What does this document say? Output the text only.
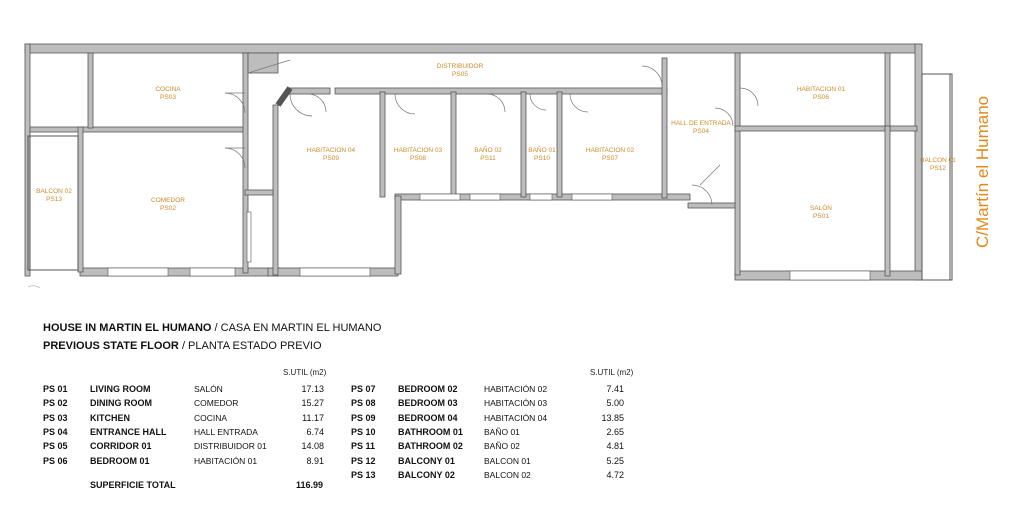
COCINA PS03
COMEDOR PS02
BALCON 02 PS13
DISTRIBUIDOR PS05
HABITACION 04 PS09
HABITACION 03 PS08
BAÑO 02 PS11
BAÑO 01 PS10
HABITACION 02 PS07
HALL DE ENTRADA PS04
HABITACION 01 PS06
SALÓN PS01
BALCON 01 PS12	C/Martín el Humano
HOUSE IN MARTIN EL HUMANO / CASA EN MARTIN EL HUMANO
PREVIOUS STATE FLOOR / PLANTA ESTADO PREVIO
S.UTIL (m2)	S.UTIL (m2)
PS 01	LIVING ROOM	SALÓN	17.13
PS 02	DINING ROOM	COMEDOR	15.27
PS 03	KITCHEN	COCINA	11.17
PS 04	ENTRANCE HALL	HALL ENTRADA	6.74
PS 05	CORRIDOR 01	DISTRIBUIDOR 01	14.08
PS 06	BEDROOM 01	HABITACIÓN 01	8.91
PS 07	BEDROOM 02	HABITACIÓN 02	7.41
PS 08	BEDROOM 03	HABITACIÓN 03	5.00
PS 09	BEDROOM 04	HABITACIÓN 04	13.85
PS 10	BATHROOM 01	BAÑO 01	2.65
PS 11	BATHROOM 02	BAÑO 02	4.81
PS 12	BALCONY 01	BALCON 01	5.25
PS 13	BALCONY 02	BALCON 02	4.72
SUPERFICIE TOTAL	116.99
